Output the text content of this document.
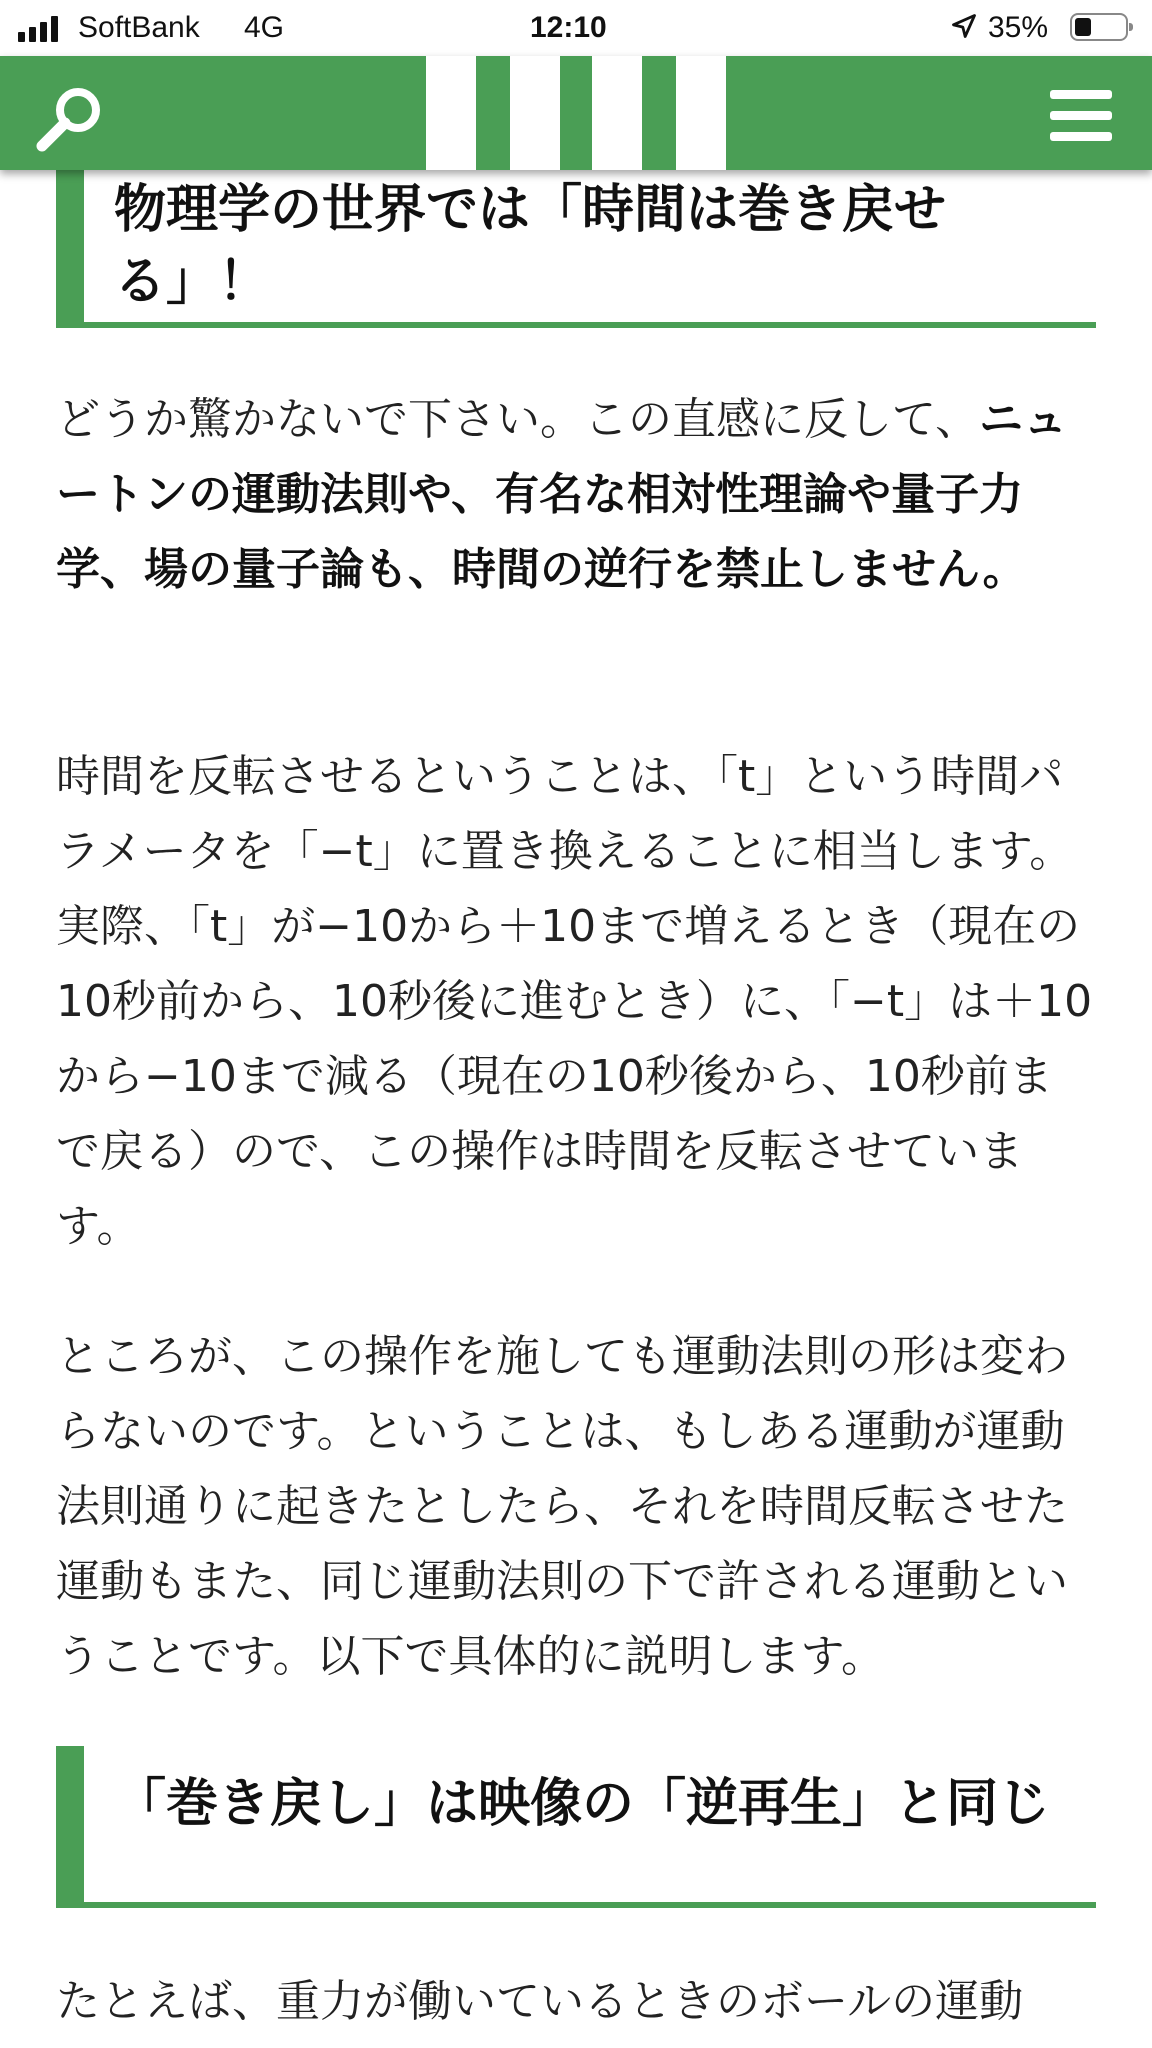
SoftBank 4G	12:10	35%
物理学の世界では「時間は巻き戻せる」！

どうか驚かないで下さい。この直感に反して、ニュートンの運動法則や、有名な相対性理論や量子力学、場の量子論も、時間の逆行を禁止しません。

時間を反転させるということは、「t」という時間パラメータを「−t」に置き換えることに相当します。実際、「t」が−10から＋10まで増えるとき（現在の10秒前から、10秒後に進むとき）に、「−t」は＋10から−10まで減る（現在の10秒後から、10秒前まで戻る）ので、この操作は時間を反転させています。

ところが、この操作を施しても運動法則の形は変わらないのです。ということは、もしある運動が運動法則通りに起きたとしたら、それを時間反転させた運動もまた、同じ運動法則の下で許される運動ということです。以下で具体的に説明します。

「巻き戻し」は映像の「逆再生」と同じ

たとえば、重力が働いているときのボールの運動
